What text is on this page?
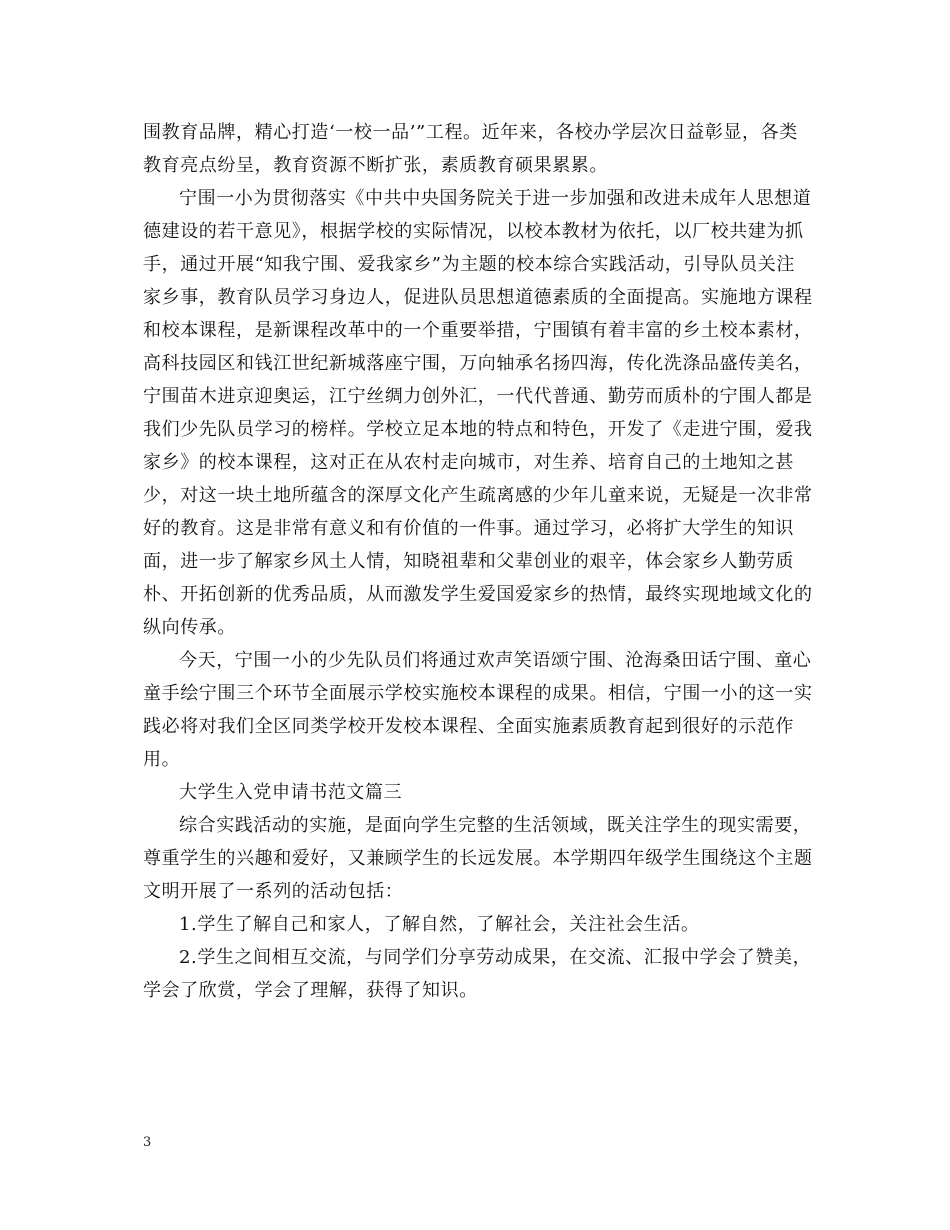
围教育品牌，精心打造‘一校一品’”工程。近年来，各校办学层次日益彰显，各类教育亮点纷呈，教育资源不断扩张，素质教育硕果累累。

宁围一小为贯彻落实《中共中央国务院关于进一步加强和改进未成年人思想道德建设的若干意见》，根据学校的实际情况，以校本教材为依托，以厂校共建为抓手，通过开展“知我宁围、爱我家乡”为主题的校本综合实践活动，引导队员关注家乡事，教育队员学习身边人，促进队员思想道德素质的全面提高。实施地方课程和校本课程，是新课程改革中的一个重要举措，宁围镇有着丰富的乡土校本素材，高科技园区和钱江世纪新城落座宁围，万向轴承名扬四海，传化洗涤品盛传美名，宁围苗木进京迎奥运，江宁丝绸力创外汇，一代代普通、勤劳而质朴的宁围人都是我们少先队员学习的榜样。学校立足本地的特点和特色，开发了《走进宁围，爱我家乡》的校本课程，这对正在从农村走向城市，对生养、培育自己的土地知之甚少，对这一块土地所蕴含的深厚文化产生疏离感的少年儿童来说，无疑是一次非常好的教育。这是非常有意义和有价值的一件事。通过学习，必将扩大学生的知识面，进一步了解家乡风土人情，知晓祖辈和父辈创业的艰辛，体会家乡人勤劳质朴、开拓创新的优秀品质，从而激发学生爱国爱家乡的热情，最终实现地域文化的纵向传承。

今天，宁围一小的少先队员们将通过欢声笑语颂宁围、沧海桑田话宁围、童心童手绘宁围三个环节全面展示学校实施校本课程的成果。相信，宁围一小的这一实践必将对我们全区同类学校开发校本课程、全面实施素质教育起到很好的示范作用。

大学生入党申请书范文篇三

综合实践活动的实施，是面向学生完整的生活领域，既关注学生的现实需要，尊重学生的兴趣和爱好，又兼顾学生的长远发展。本学期四年级学生围绕这个主题文明开展了一系列的活动包括：

1.学生了解自己和家人，了解自然，了解社会，关注社会生活。

2.学生之间相互交流，与同学们分享劳动成果，在交流、汇报中学会了赞美，学会了欣赏，学会了理解，获得了知识。

3
